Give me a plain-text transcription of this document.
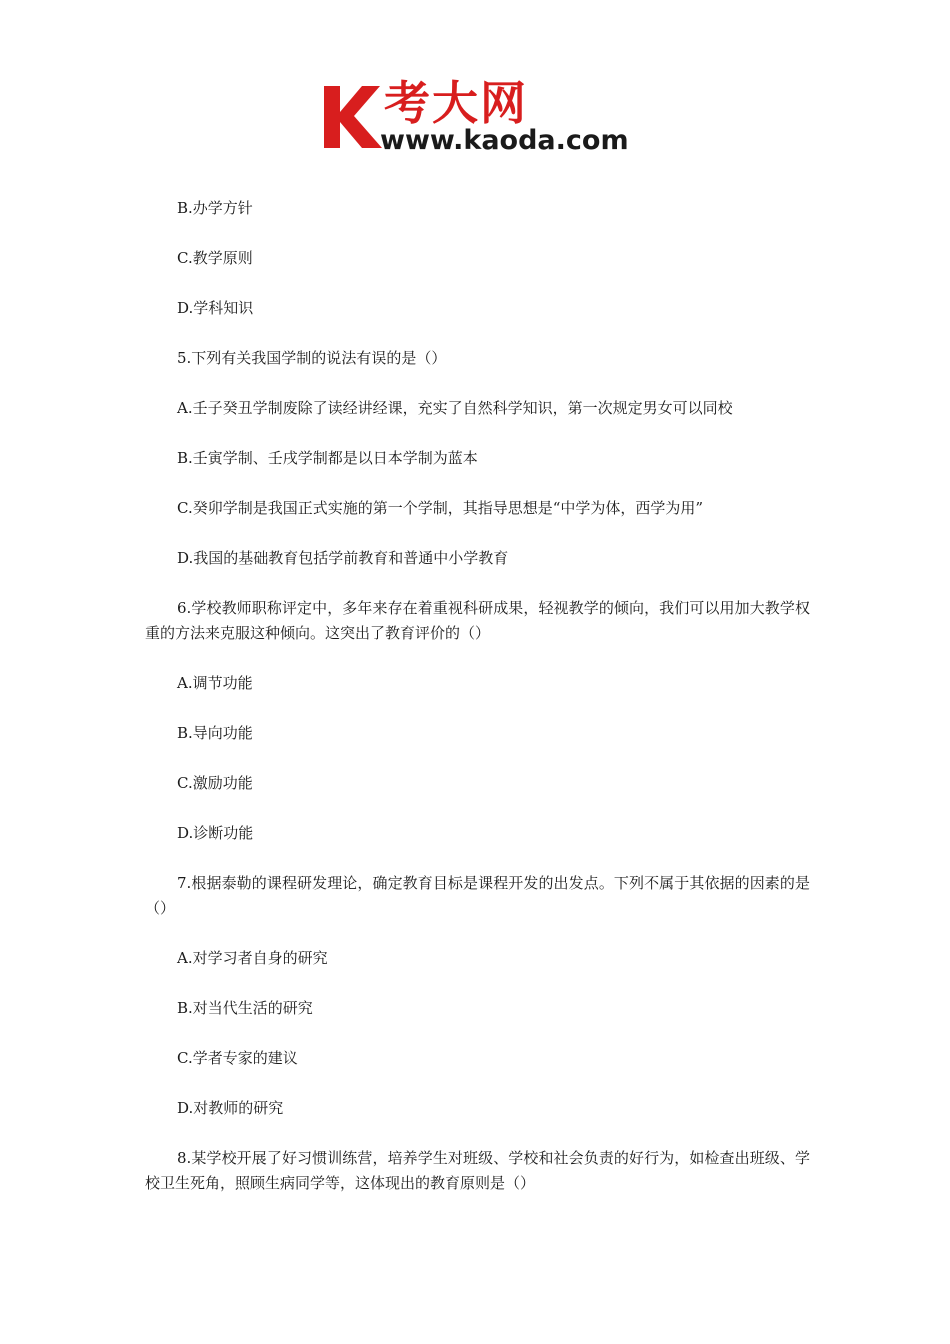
考大网
www.kaoda.com

B.办学方针

C.教学原则

D.学科知识

5.下列有关我国学制的说法有误的是（）

A.壬子癸丑学制废除了读经讲经课，充实了自然科学知识，第一次规定男女可以同校

B.壬寅学制、壬戌学制都是以日本学制为蓝本

C.癸卯学制是我国正式实施的第一个学制，其指导思想是“中学为体，西学为用”

D.我国的基础教育包括学前教育和普通中小学教育

6.学校教师职称评定中，多年来存在着重视科研成果，轻视教学的倾向，我们可以用加大教学权重的方法来克服这种倾向。这突出了教育评价的（）

A.调节功能

B.导向功能

C.激励功能

D.诊断功能

7.根据泰勒的课程研发理论，确定教育目标是课程开发的出发点。下列不属于其依据的因素的是（）

A.对学习者自身的研究

B.对当代生活的研究

C.学者专家的建议

D.对教师的研究

8.某学校开展了好习惯训练营，培养学生对班级、学校和社会负责的好行为，如检查出班级、学校卫生死角，照顾生病同学等，这体现出的教育原则是（）
